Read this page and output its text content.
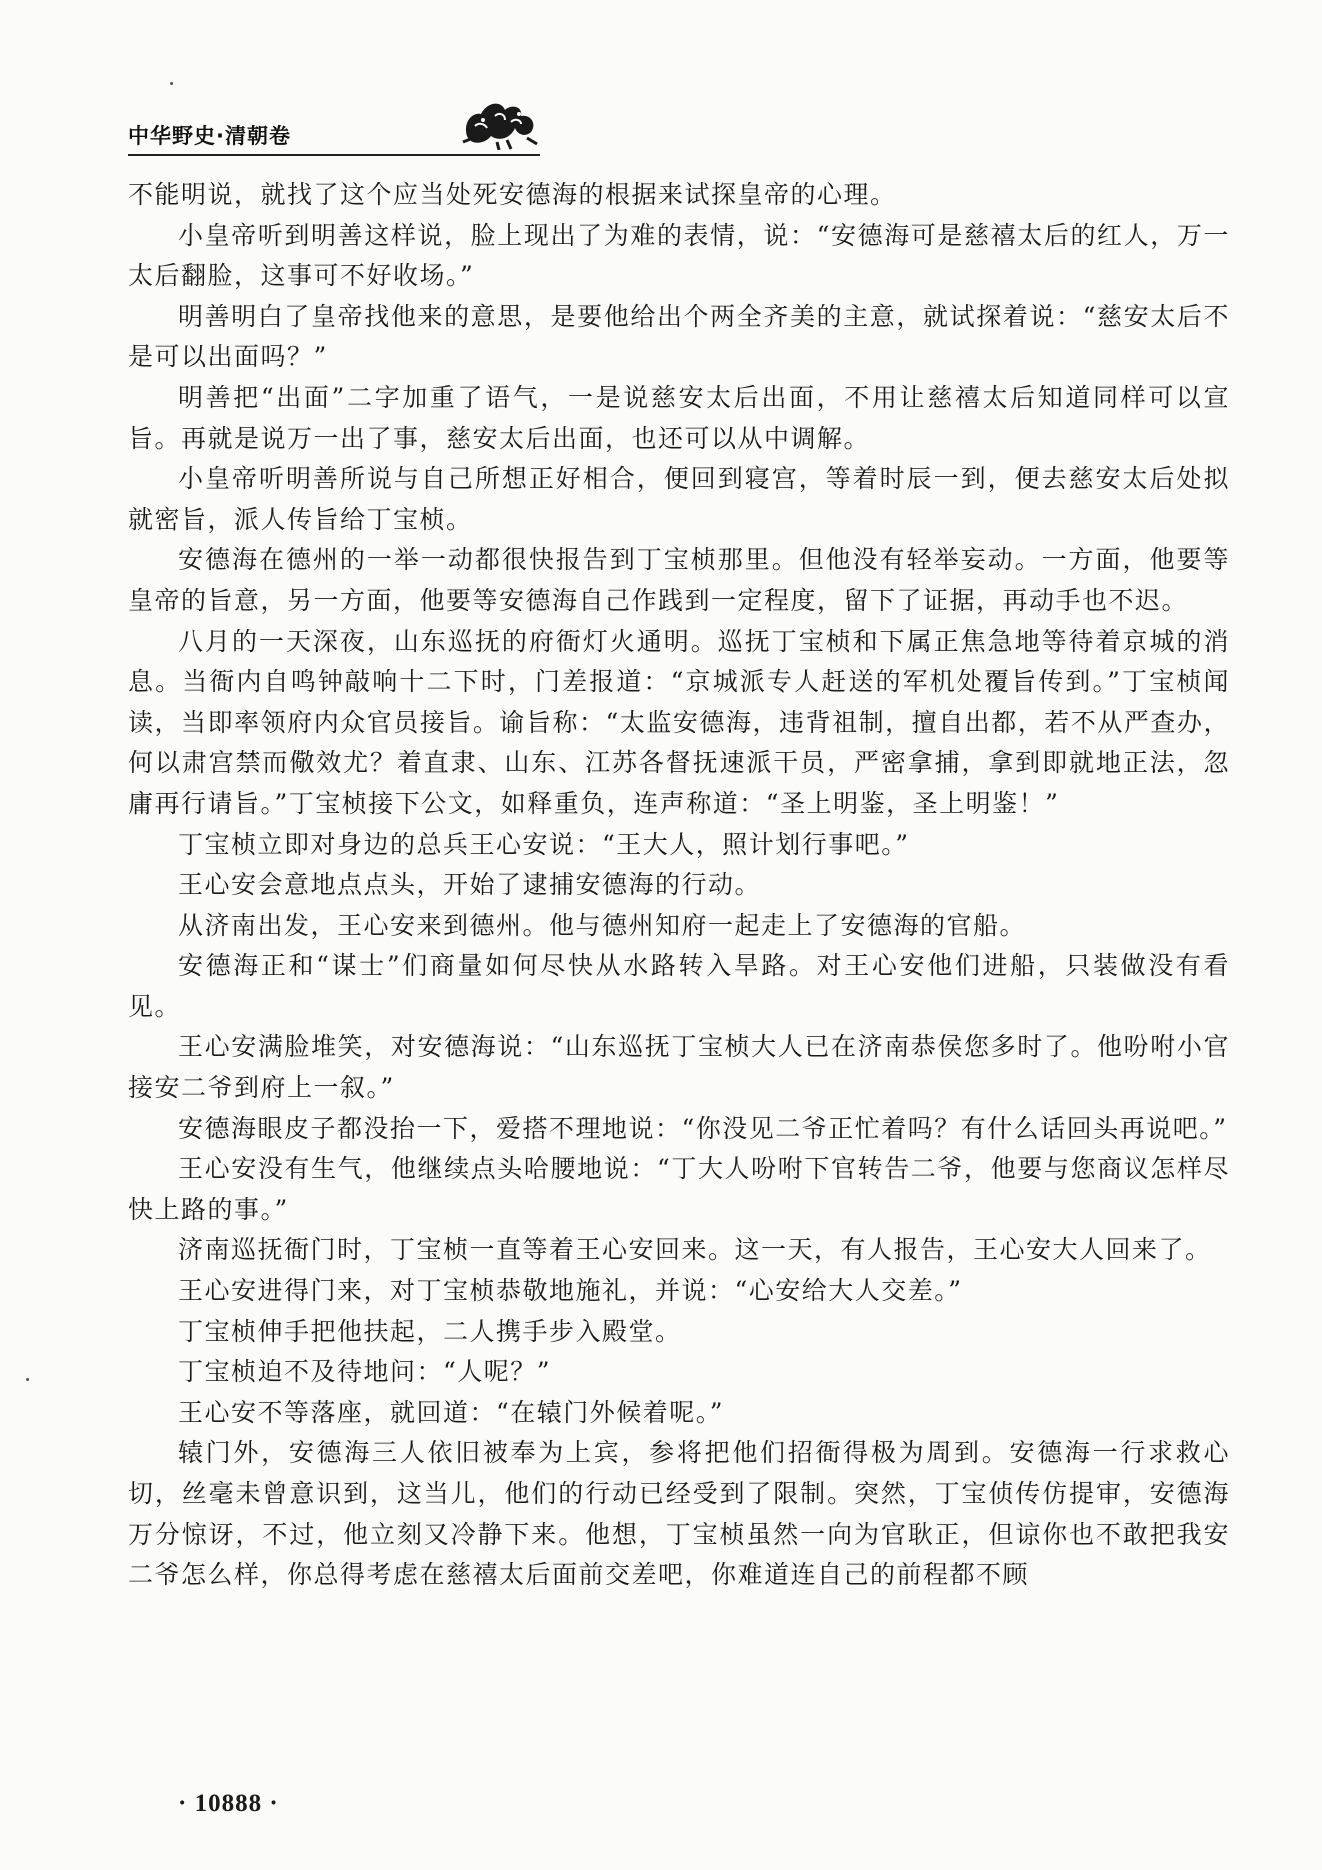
中华野史·清朝卷

不能明说，就找了这个应当处死安德海的根据来试探皇帝的心理。

小皇帝听到明善这样说，脸上现出了为难的表情，说：“安德海可是慈禧太后的红人，万一太后翻脸，这事可不好收场。”

明善明白了皇帝找他来的意思，是要他给出个两全齐美的主意，就试探着说：“慈安太后不是可以出面吗？”

明善把“出面”二字加重了语气，一是说慈安太后出面，不用让慈禧太后知道同样可以宣旨。再就是说万一出了事，慈安太后出面，也还可以从中调解。

小皇帝听明善所说与自己所想正好相合，便回到寝宫，等着时辰一到，便去慈安太后处拟就密旨，派人传旨给丁宝桢。

安德海在德州的一举一动都很快报告到丁宝桢那里。但他没有轻举妄动。一方面，他要等皇帝的旨意，另一方面，他要等安德海自己作践到一定程度，留下了证据，再动手也不迟。

八月的一天深夜，山东巡抚的府衙灯火通明。巡抚丁宝桢和下属正焦急地等待着京城的消息。当衙内自鸣钟敲响十二下时，门差报道：“京城派专人赶送的军机处覆旨传到。”丁宝桢闻读，当即率领府内众官员接旨。谕旨称：“太监安德海，违背祖制，擅自出都，若不从严查办，何以肃宫禁而儆效尤？着直隶、山东、江苏各督抚速派干员，严密拿捕，拿到即就地正法，忽庸再行请旨。”丁宝桢接下公文，如释重负，连声称道：“圣上明鉴，圣上明鉴！”

丁宝桢立即对身边的总兵王心安说：“王大人，照计划行事吧。”

王心安会意地点点头，开始了逮捕安德海的行动。

从济南出发，王心安来到德州。他与德州知府一起走上了安德海的官船。

安德海正和“谋士”们商量如何尽快从水路转入旱路。对王心安他们进船，只装做没有看见。

王心安满脸堆笑，对安德海说：“山东巡抚丁宝桢大人已在济南恭侯您多时了。他吩咐小官接安二爷到府上一叙。”

安德海眼皮子都没抬一下，爱搭不理地说：“你没见二爷正忙着吗？有什么话回头再说吧。”

王心安没有生气，他继续点头哈腰地说：“丁大人吩咐下官转告二爷，他要与您商议怎样尽快上路的事。”

济南巡抚衙门时，丁宝桢一直等着王心安回来。这一天，有人报告，王心安大人回来了。

王心安进得门来，对丁宝桢恭敬地施礼，并说：“心安给大人交差。”

丁宝桢伸手把他扶起，二人携手步入殿堂。

丁宝桢迫不及待地问：“人呢？”

王心安不等落座，就回道：“在辕门外候着呢。”

辕门外，安德海三人依旧被奉为上宾，参将把他们招衙得极为周到。安德海一行求救心切，丝毫未曾意识到，这当儿，他们的行动已经受到了限制。突然，丁宝侦传仿提审，安德海万分惊讶，不过，他立刻又冷静下来。他想，丁宝桢虽然一向为官耿正，但谅你也不敢把我安二爷怎么样，你总得考虑在慈禧太后面前交差吧，你难道连自己的前程都不顾

· 10888 ·
